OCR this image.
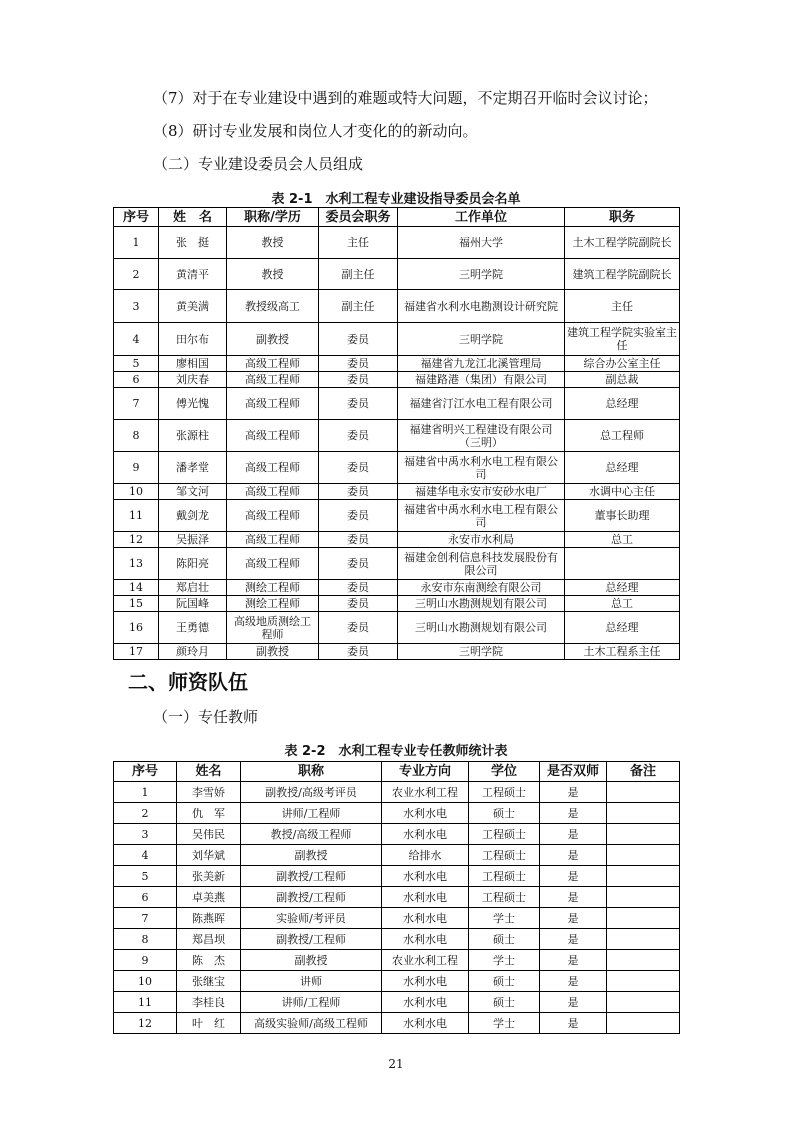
（7）对于在专业建设中遇到的难题或特大问题，不定期召开临时会议讨论；
（8）研讨专业发展和岗位人才变化的的新动向。
（二）专业建设委员会人员组成
表 2-1　水利工程专业建设指导委员会名单
序号	姓　名	职称/学历	委员会职务	工作单位	职务
1	张　挺	教授	主任	福州大学	土木工程学院副院长
2	黄清平	教授	副主任	三明学院	建筑工程学院副院长
3	黄美满	教授级高工	副主任	福建省水利水电勘测设计研究院	主任
4	田尔布	副教授	委员	三明学院	建筑工程学院实验室主任
5	廖相国	高级工程师	委员	福建省九龙江北溪管理局	综合办公室主任
6	刘庆春	高级工程师	委员	福建路港（集团）有限公司	副总裁
7	傅光愧	高级工程师	委员	福建省汀江水电工程有限公司	总经理
8	张源柱	高级工程师	委员	福建省明兴工程建设有限公司（三明）	总工程师
9	潘孝堂	高级工程师	委员	福建省中禹水利水电工程有限公司	总经理
10	邹文河	高级工程师	委员	福建华电永安市安砂水电厂	水调中心主任
11	戴剑龙	高级工程师	委员	福建省中禹水利水电工程有限公司	董事长助理
12	吴振泽	高级工程师	委员	永安市水利局	总工
13	陈阳亮	高级工程师	委员	福建金创利信息科技发展股份有限公司	
14	郑启壮	测绘工程师	委员	永安市东南测绘有限公司	总经理
15	阮国峰	测绘工程师	委员	三明山水勘测规划有限公司	总工
16	王勇德	高级地质测绘工程师	委员	三明山水勘测规划有限公司	总经理
17	颜玲月	副教授	委员	三明学院	土木工程系主任
二、师资队伍
（一）专任教师
表 2-2　水利工程专业专任教师统计表
序号	姓名	职称	专业方向	学位	是否双师	备注
1	李雪娇	副教授/高级考评员	农业水利工程	工程硕士	是	
2	仇　军	讲师/工程师	水利水电	硕士	是	
3	吴伟民	教授/高级工程师	水利水电	工程硕士	是	
4	刘华斌	副教授	给排水	工程硕士	是	
5	张美新	副教授/工程师	水利水电	工程硕士	是	
6	卓美燕	副教授/工程师	水利水电	工程硕士	是	
7	陈燕晖	实验师/考评员	水利水电	学士	是	
8	郑昌坝	副教授/工程师	水利水电	硕士	是	
9	陈　杰	副教授	农业水利工程	学士	是	
10	张继宝	讲师	水利水电	硕士	是	
11	李桂良	讲师/工程师	水利水电	硕士	是	
12	叶　红	高级实验师/高级工程师	水利水电	学士	是	
21
